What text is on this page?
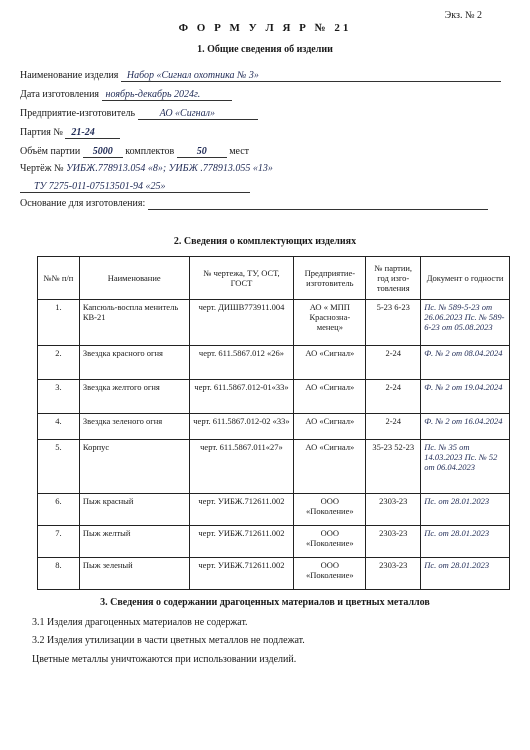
Экз. № 2
Ф О Р М У Л Я Р № 21
1. Общие сведения об изделии
Наименование изделия Набор «Сигнал охотника № 3»
Дата изготовления ноябрь-декабрь 2024г.
Предприятие-изготовитель АО «Сигнал»
Партия № 21-24
Объём партии 5000 комплектов 50 мест
Чертёж № УИБЖ.778913.054 «8»; УИБЖ .778913.055 «13»
ТУ 7275-011-07513501-94 «25»
Основание для изготовления:
2. Сведения о комплектующих изделиях
№№ п/п	Наименование	№ чертежа, ТУ, ОСТ, ГОСТ	Предприятие-изготовитель	№ партии, год изго-товления	Документ о годности
1.	Капсюль-воспла менитель КВ-21	черт. ДИШВ773911.004	АО « МПП Краснозна-менец»	5-23 6-23	Пс. № 589-5-23 от 26.06.2023 Пс. № 589-6-23 от 05.08.2023
2.	Звездка красного огня	черт. 611.5867.012 «26»	АО «Сигнал»	2-24	Ф. № 2 от 08.04.2024
3.	Звездка желтого огня	черт. 611.5867.012-01«33»	АО «Сигнал»	2-24	Ф. № 2 от 19.04.2024
4.	Звездка зеленого огня	черт. 611.5867.012-02 «33»	АО «Сигнал»	2-24	Ф. № 2 от 16.04.2024
5.	Корпус	черт. 611.5867.011«27»	АО «Сигнал»	35-23 52-23	Пс. № 35 от 14.03.2023 Пс. № 52 от 06.04.2023
6.	Пыж красный	черт. УИБЖ.712611.002	ООО «Поколение»	2303-23	Пс. от 28.01.2023
7.	Пыж желтый	черт. УИБЖ.712611.002	ООО «Поколение»	2303-23	Пс. от 28.01.2023
8.	Пыж зеленый	черт. УИБЖ.712611.002	ООО «Поколение»	2303-23	Пс. от 28.01.2023
3. Сведения о содержании драгоценных материалов и цветных металлов
3.1 Изделия драгоценных материалов не содержат.
3.2 Изделия утилизации в части цветных металлов не подлежат.
Цветные металлы уничтожаются при использовании изделий.
